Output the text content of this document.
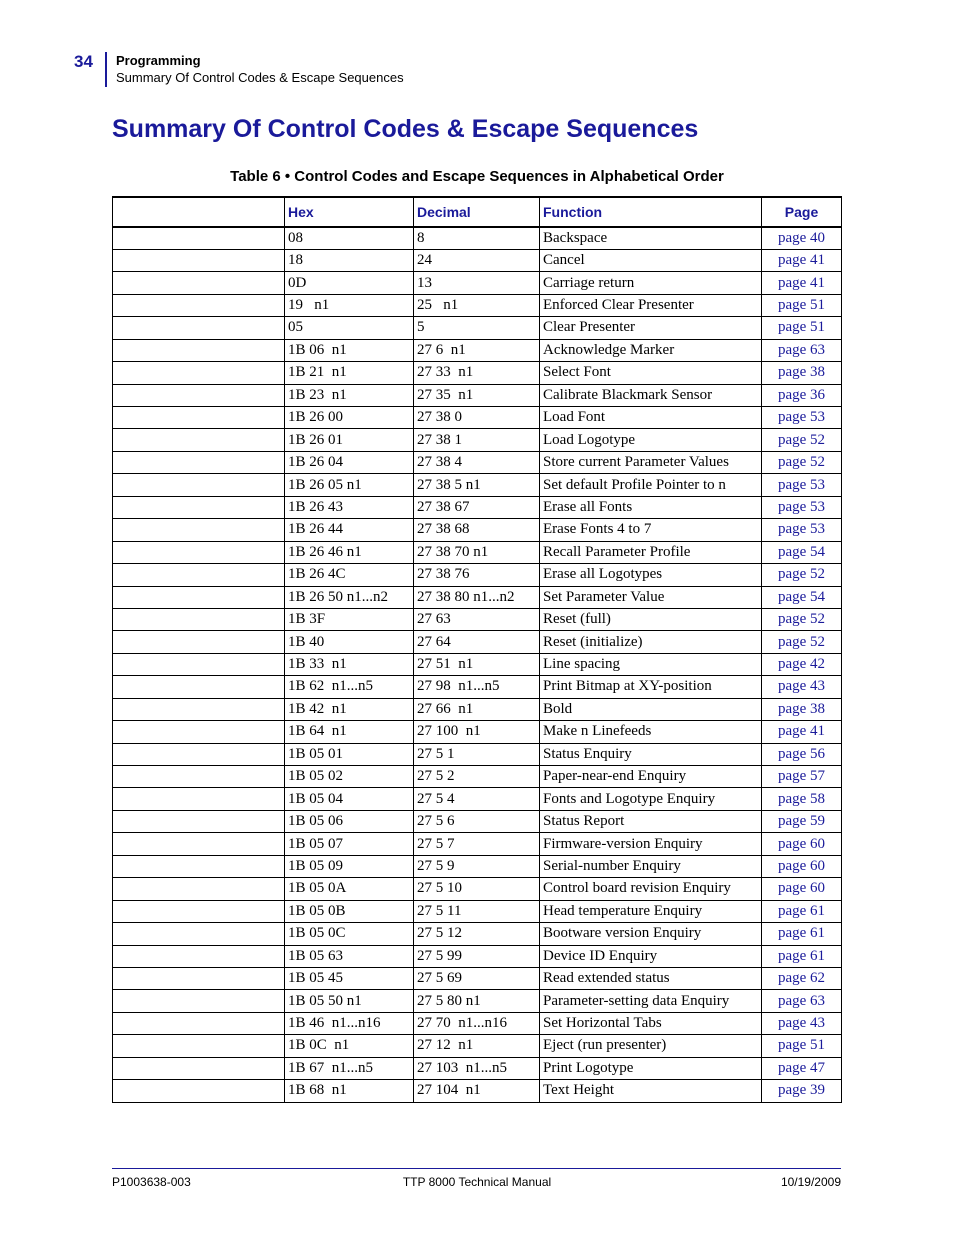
34 Programming
Summary Of Control Codes & Escape Sequences
Summary Of Control Codes & Escape Sequences
Table 6 • Control Codes and Escape Sequences in Alphabetical Order
	Hex	Decimal	Function	Page
	08	8	Backspace	page 40
	18	24	Cancel	page 41
	0D	13	Carriage return	page 41
	19   n1	25   n1	Enforced Clear Presenter	page 51
	05	5	Clear Presenter	page 51
	1B 06  n1	27 6  n1	Acknowledge Marker	page 63
	1B 21  n1	27 33  n1	Select Font	page 38
	1B 23  n1	27 35  n1	Calibrate Blackmark Sensor	page 36
	1B 26 00	27 38 0	Load Font	page 53
	1B 26 01	27 38 1	Load Logotype	page 52
	1B 26 04	27 38 4	Store current Parameter Values	page 52
	1B 26 05 n1	27 38 5 n1	Set default Profile Pointer to n	page 53
	1B 26 43	27 38 67	Erase all Fonts	page 53
	1B 26 44	27 38 68	Erase Fonts 4 to 7	page 53
	1B 26 46 n1	27 38 70 n1	Recall Parameter Profile	page 54
	1B 26 4C	27 38 76	Erase all Logotypes	page 52
	1B 26 50 n1...n2	27 38 80 n1...n2	Set Parameter Value	page 54
	1B 3F	27 63	Reset (full)	page 52
	1B 40	27 64	Reset (initialize)	page 52
	1B 33  n1	27 51  n1	Line spacing	page 42
	1B 62  n1...n5	27 98  n1...n5	Print Bitmap at XY-position	page 43
	1B 42  n1	27 66  n1	Bold	page 38
	1B 64  n1	27 100  n1	Make n Linefeeds	page 41
	1B 05 01	27 5 1	Status Enquiry	page 56
	1B 05 02	27 5 2	Paper-near-end Enquiry	page 57
	1B 05 04	27 5 4	Fonts and Logotype Enquiry	page 58
	1B 05 06	27 5 6	Status Report	page 59
	1B 05 07	27 5 7	Firmware-version Enquiry	page 60
	1B 05 09	27 5 9	Serial-number Enquiry	page 60
	1B 05 0A	27 5 10	Control board revision Enquiry	page 60
	1B 05 0B	27 5 11	Head temperature Enquiry	page 61
	1B 05 0C	27 5 12	Bootware version Enquiry	page 61
	1B 05 63	27 5 99	Device ID Enquiry	page 61
	1B 05 45	27 5 69	Read extended status	page 62
	1B 05 50 n1	27 5 80 n1	Parameter-setting data Enquiry	page 63
	1B 46  n1...n16	27 70  n1...n16	Set Horizontal Tabs	page 43
	1B 0C  n1	27 12  n1	Eject (run presenter)	page 51
	1B 67  n1...n5	27 103  n1...n5	Print Logotype	page 47
	1B 68  n1	27 104  n1	Text Height	page 39
P1003638-003	TTP 8000 Technical Manual	10/19/2009
